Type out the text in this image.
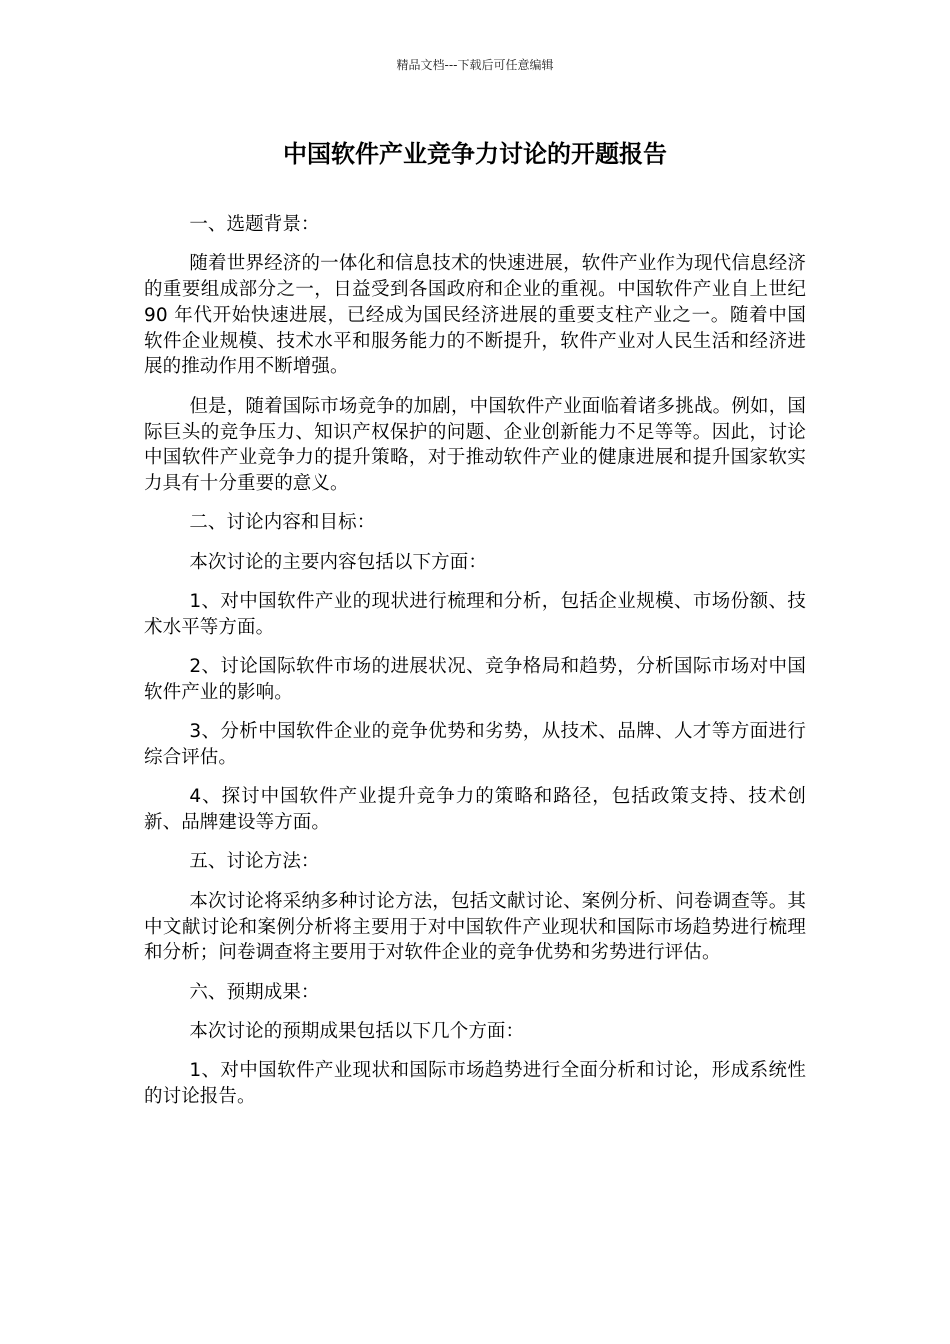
精品文档---下载后可任意编辑
中国软件产业竞争力讨论的开题报告

一、选题背景：

随着世界经济的一体化和信息技术的快速进展，软件产业作为现代信息经济的重要组成部分之一，日益受到各国政府和企业的重视。中国软件产业自上世纪 90 年代开始快速进展，已经成为国民经济进展的重要支柱产业之一。随着中国软件企业规模、技术水平和服务能力的不断提升，软件产业对人民生活和经济进展的推动作用不断增强。

但是，随着国际市场竞争的加剧，中国软件产业面临着诸多挑战。例如，国际巨头的竞争压力、知识产权保护的问题、企业创新能力不足等等。因此，讨论中国软件产业竞争力的提升策略，对于推动软件产业的健康进展和提升国家软实力具有十分重要的意义。

二、讨论内容和目标：

本次讨论的主要内容包括以下方面：

1、对中国软件产业的现状进行梳理和分析，包括企业规模、市场份额、技术水平等方面。

2、讨论国际软件市场的进展状况、竞争格局和趋势，分析国际市场对中国软件产业的影响。

3、分析中国软件企业的竞争优势和劣势，从技术、品牌、人才等方面进行综合评估。

4、探讨中国软件产业提升竞争力的策略和路径，包括政策支持、技术创新、品牌建设等方面。

五、讨论方法：

本次讨论将采纳多种讨论方法，包括文献讨论、案例分析、问卷调查等。其中文献讨论和案例分析将主要用于对中国软件产业现状和国际市场趋势进行梳理和分析；问卷调查将主要用于对软件企业的竞争优势和劣势进行评估。

六、预期成果：

本次讨论的预期成果包括以下几个方面：

1、对中国软件产业现状和国际市场趋势进行全面分析和讨论，形成系统性的讨论报告。
